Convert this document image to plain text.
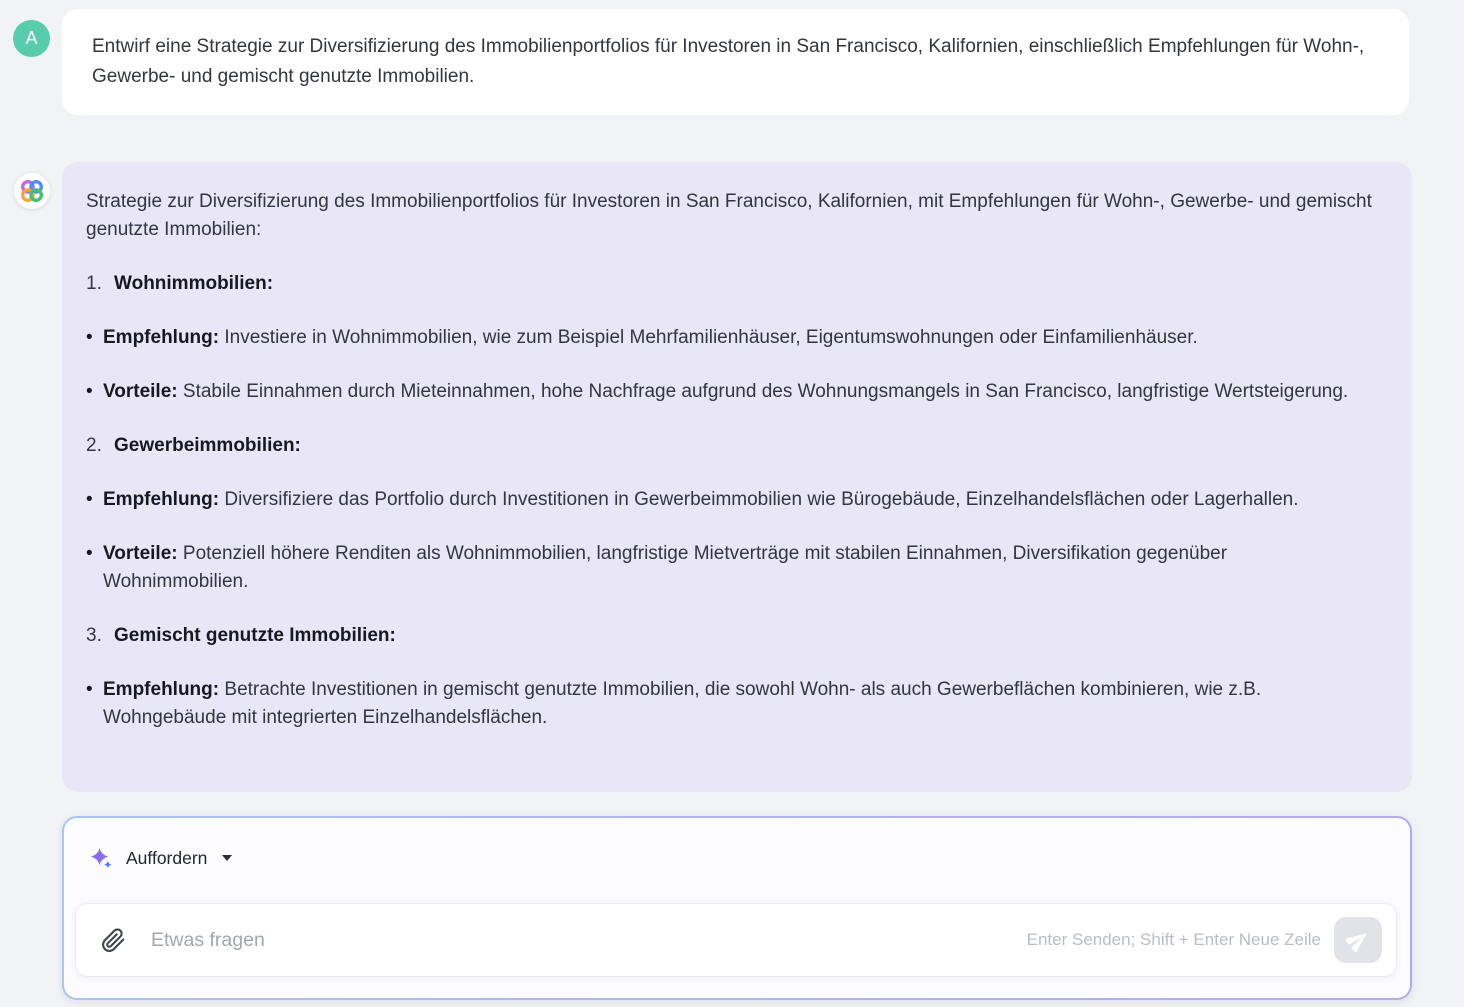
A	Entwirf eine Strategie zur Diversifizierung des Immobilienportfolios für Investoren in San Francisco, Kalifornien, einschließlich Empfehlungen für Wohn-, Gewerbe- und gemischt genutzte Immobilien.

Strategie zur Diversifizierung des Immobilienportfolios für Investoren in San Francisco, Kalifornien, mit Empfehlungen für Wohn-, Gewerbe- und gemischt genutzte Immobilien:

1. Wohnimmobilien:
• Empfehlung: Investiere in Wohnimmobilien, wie zum Beispiel Mehrfamilienhäuser, Eigentumswohnungen oder Einfamilienhäuser.
• Vorteile: Stabile Einnahmen durch Mieteinnahmen, hohe Nachfrage aufgrund des Wohnungsmangels in San Francisco, langfristige Wertsteigerung.
2. Gewerbeimmobilien:
• Empfehlung: Diversifiziere das Portfolio durch Investitionen in Gewerbeimmobilien wie Bürogebäude, Einzelhandelsflächen oder Lagerhallen.
• Vorteile: Potenziell höhere Renditen als Wohnimmobilien, langfristige Mietverträge mit stabilen Einnahmen, Diversifikation gegenüber Wohnimmobilien.
3. Gemischt genutzte Immobilien:
• Empfehlung: Betrachte Investitionen in gemischt genutzte Immobilien, die sowohl Wohn- als auch Gewerbeflächen kombinieren, wie z.B. Wohngebäude mit integrierten Einzelhandelsflächen.
Auffordern
Etwas fragen
Enter Senden; Shift + Enter Neue Zeile
